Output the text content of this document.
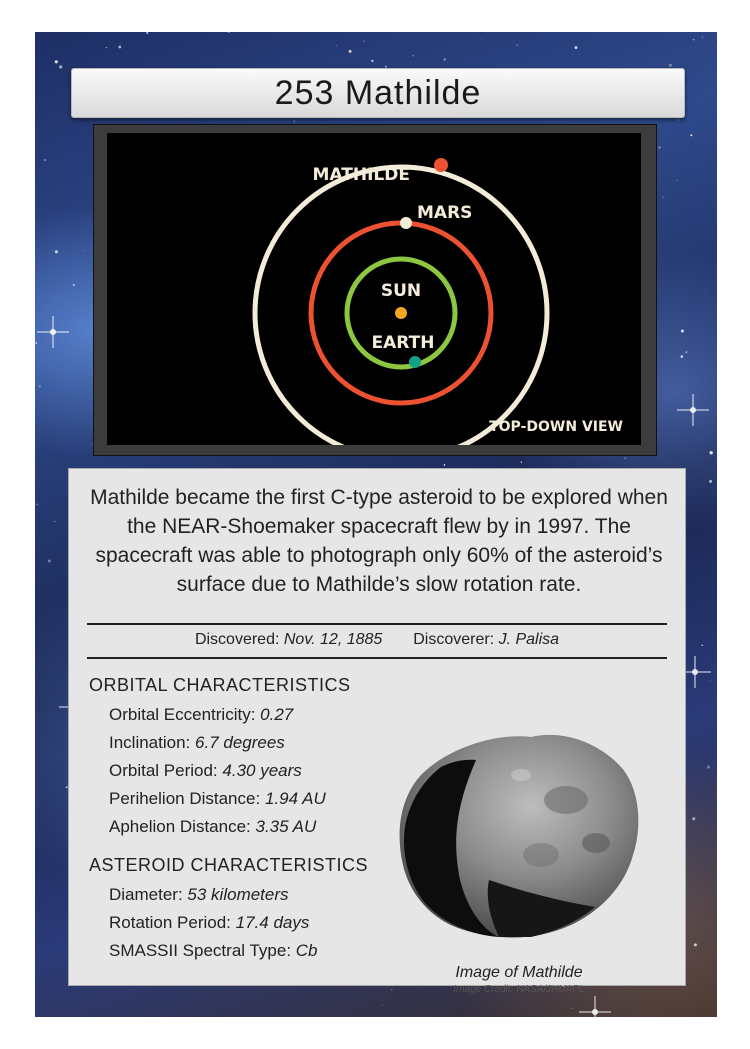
253 Mathilde
MATHILDE
MARS
SUN
EARTH
TOP-DOWN VIEW

Mathilde became the first C-type asteroid to be explored when the NEAR-Shoemaker spacecraft flew by in 1997. The spacecraft was able to photograph only 60% of the asteroid’s surface due to Mathilde’s slow rotation rate.

Discovered: Nov. 12, 1885 Discoverer: J. Palisa
ORBITAL CHARACTERISTICS
Orbital Eccentricity: 0.27
Inclination: 6.7 degrees
Orbital Period: 4.30 years
Perihelion Distance: 1.94 AU
Aphelion Distance: 3.35 AU
ASTEROID CHARACTERISTICS
Diameter: 53 kilometers
Rotation Period: 17.4 days
SMASSII Spectral Type: Cb
Image of Mathilde
Image Credit: NASA/JHUAPL
